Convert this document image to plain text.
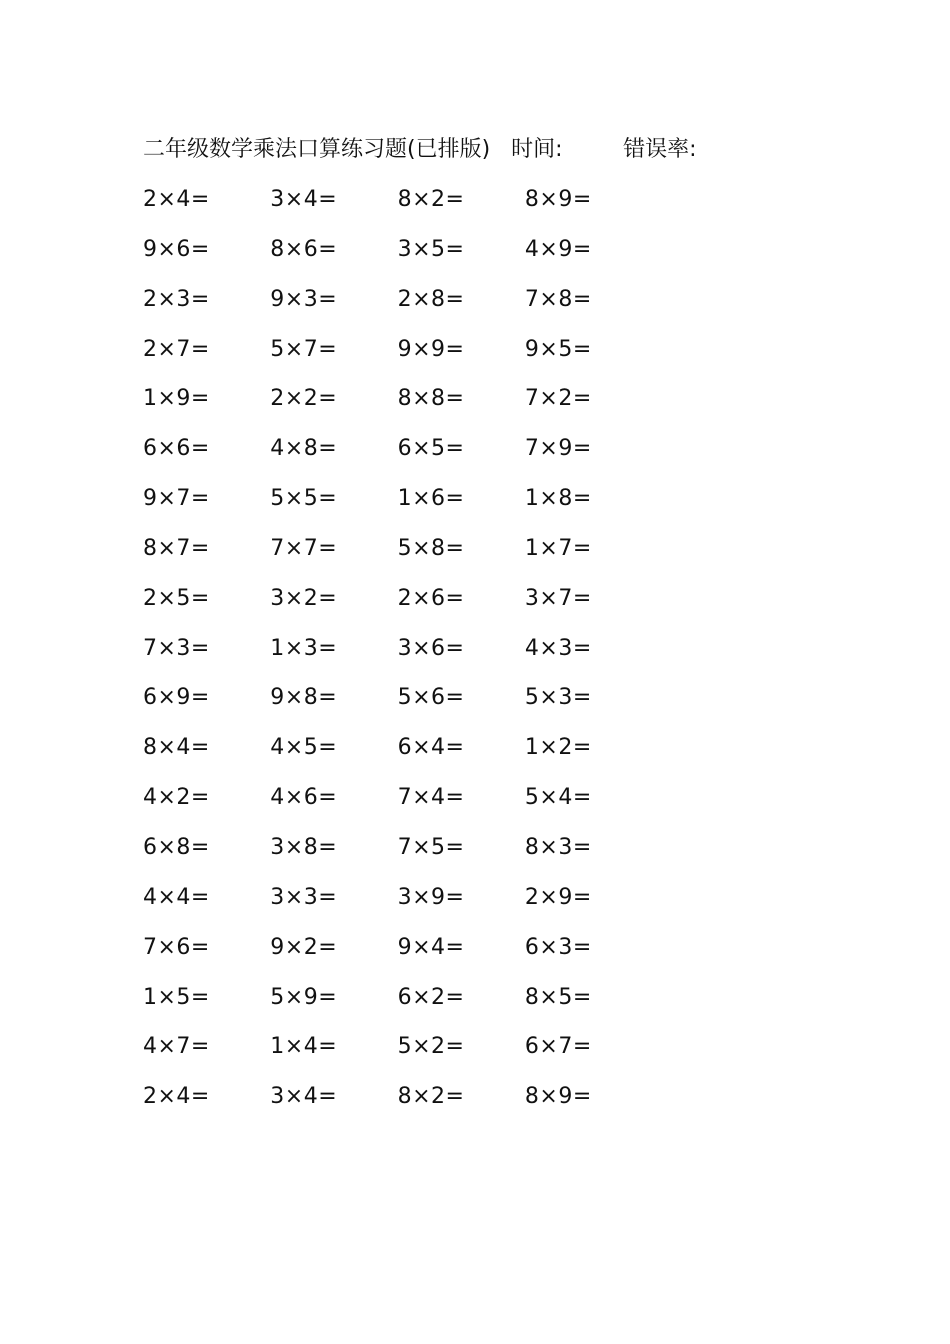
二年级数学乘法口算练习题(已排版) 时间:	错误率:
2×4=	3×4=	8×2=	8×9=
9×6=	8×6=	3×5=	4×9=
2×3=	9×3=	2×8=	7×8=
2×7=	5×7=	9×9=	9×5=
1×9=	2×2=	8×8=	7×2=
6×6=	4×8=	6×5=	7×9=
9×7=	5×5=	1×6=	1×8=
8×7=	7×7=	5×8=	1×7=
2×5=	3×2=	2×6=	3×7=
7×3=	1×3=	3×6=	4×3=
6×9=	9×8=	5×6=	5×3=
8×4=	4×5=	6×4=	1×2=
4×2=	4×6=	7×4=	5×4=
6×8=	3×8=	7×5=	8×3=
4×4=	3×3=	3×9=	2×9=
7×6=	9×2=	9×4=	6×3=
1×5=	5×9=	6×2=	8×5=
4×7=	1×4=	5×2=	6×7=
2×4=	3×4=	8×2=	8×9=
